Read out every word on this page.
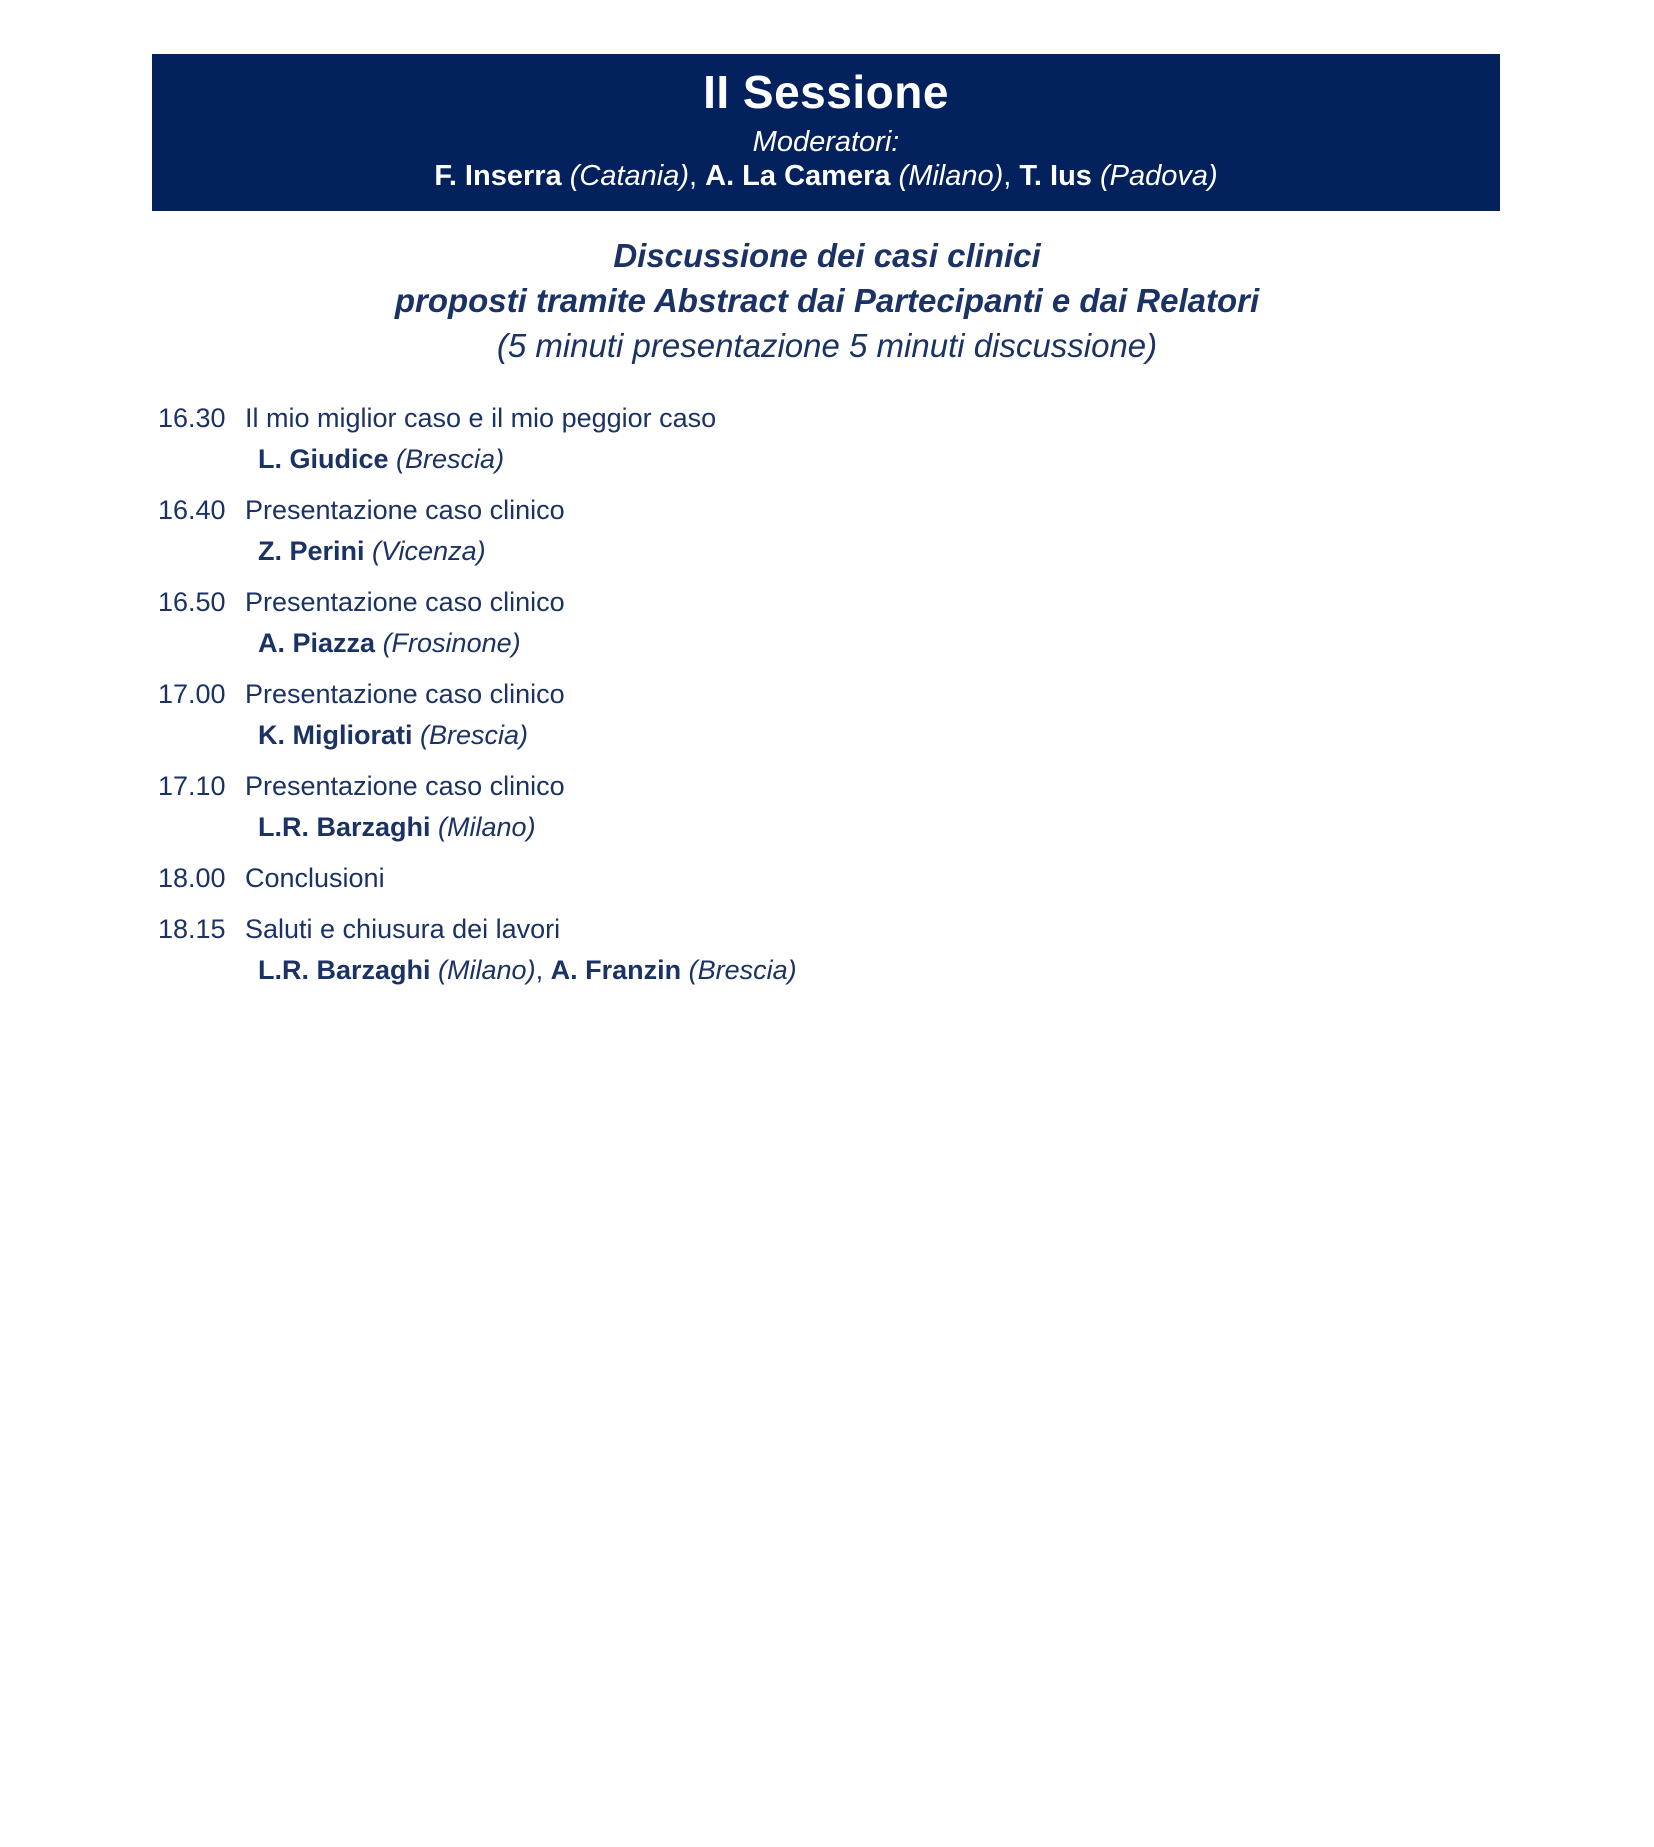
II Sessione
Moderatori:
F. Inserra (Catania), A. La Camera (Milano), T. Ius (Padova)
Discussione dei casi clinici
proposti tramite Abstract dai Partecipanti e dai Relatori
(5 minuti presentazione 5 minuti discussione)
16.30 Il mio miglior caso e il mio peggior caso
L. Giudice (Brescia)
16.40 Presentazione caso clinico
Z. Perini (Vicenza)
16.50 Presentazione caso clinico
A. Piazza (Frosinone)
17.00 Presentazione caso clinico
K. Migliorati (Brescia)
17.10 Presentazione caso clinico
L.R. Barzaghi (Milano)
18.00 Conclusioni
18.15 Saluti e chiusura dei lavori
L.R. Barzaghi (Milano), A. Franzin (Brescia)
